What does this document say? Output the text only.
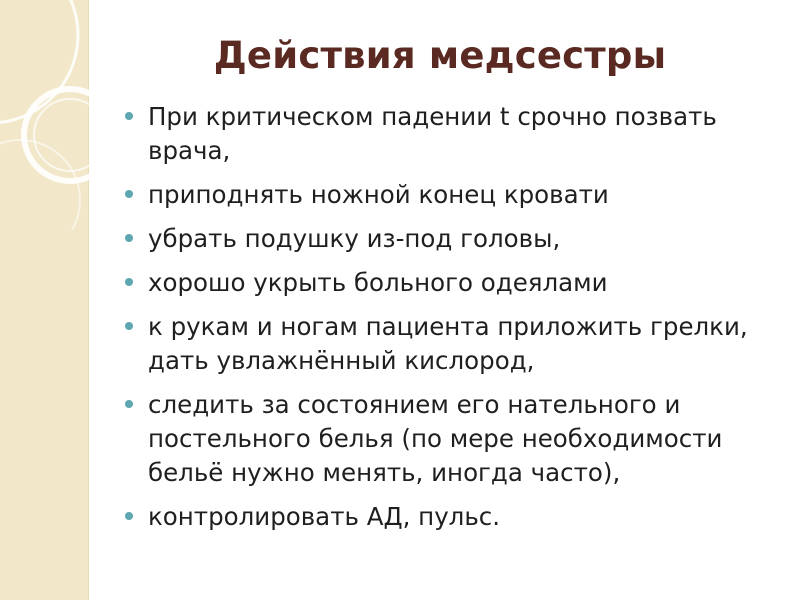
Действия медсестры
При критическом падении t срочно позвать врача,
приподнять ножной конец кровати
убрать подушку из-под головы,
хорошо укрыть больного одеялами
к рукам и ногам пациента приложить грелки, дать увлажнённый кислород,
следить за состоянием его нательного и постельного белья (по мере необходимости бельё нужно менять, иногда часто),
контролировать АД, пульс.
